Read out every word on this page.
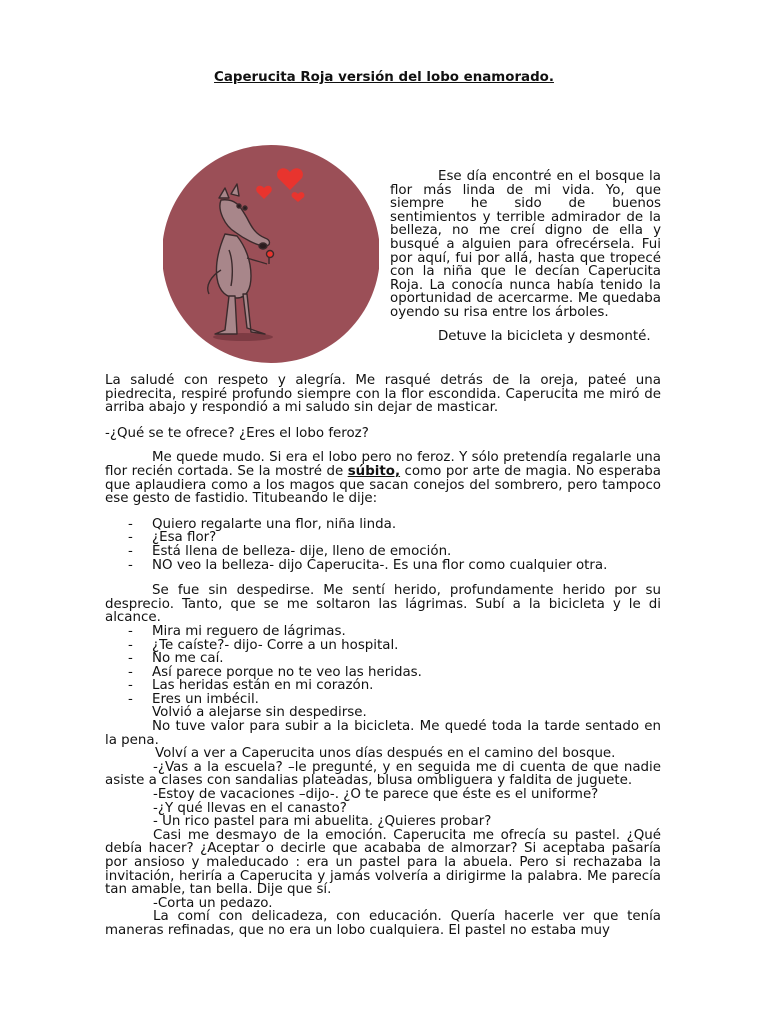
Caperucita Roja versión del lobo enamorado.

Ese día encontré en el bosque la flor más linda de mi vida. Yo, que siempre he sido de buenos sentimientos y terrible admirador de la belleza, no me creí digno de ella y busqué a alguien para ofrecérsela. Fui por aquí, fui por allá, hasta que tropecé con la niña que le decían Caperucita Roja. La conocía nunca había tenido la oportunidad de acercarme. Me quedaba oyendo su risa entre los árboles.

Detuve la bicicleta y desmonté.

La saludé con respeto y alegría. Me rasqué detrás de la oreja, pateé una piedrecita, respiré profundo siempre con la flor escondida. Caperucita me miró de arriba abajo y respondió a mi saludo sin dejar de masticar.

-¿Qué se te ofrece? ¿Eres el lobo feroz?

Me quede mudo. Si era el lobo pero no feroz. Y sólo pretendía regalarle una flor recién cortada. Se la mostré de súbito, como por arte de magia. No esperaba que aplaudiera como a los magos que sacan conejos del sombrero, pero tampoco ese gesto de fastidio. Titubeando le dije:

- Quiero regalarte una flor, niña linda.
- ¿Esa flor?
- Está llena de belleza- dije, lleno de emoción.
- NO veo la belleza- dijo Caperucita-. Es una flor como cualquier otra.

Se fue sin despedirse. Me sentí herido, profundamente herido por su desprecio. Tanto, que se me soltaron las lágrimas. Subí a la bicicleta y le di alcance.

- Mira mi reguero de lágrimas.
- ¿Te caíste?- dijo- Corre a un hospital.
- No me caí.
- Así parece porque no te veo las heridas.
- Las heridas están en mi corazón.
- Eres un imbécil.

Volvió a alejarse sin despedirse.

No tuve valor para subir a la bicicleta. Me quedé toda la tarde sentado en la pena.

Volví a ver a Caperucita unos días después en el camino del bosque.

-¿Vas a la escuela? –le pregunté, y en seguida me di cuenta de que nadie asiste a clases con sandalias plateadas, blusa ombliguera y faldita de juguete.

-Estoy de vacaciones –dijo-. ¿O te parece que éste es el uniforme?

-¿Y qué llevas en el canasto?

- Un rico pastel para mi abuelita. ¿Quieres probar?

Casi me desmayo de la emoción. Caperucita me ofrecía su pastel. ¿Qué debía hacer? ¿Aceptar o decirle que acababa de almorzar? Si aceptaba pasaría por ansioso y maleducado : era un pastel para la abuela. Pero si rechazaba la invitación, heriría a Caperucita y jamás volvería a dirigirme la palabra. Me parecía tan amable, tan bella. Dije que sí.

-Corta un pedazo.

La comí con delicadeza, con educación. Quería hacerle ver que tenía maneras refinadas, que no era un lobo cualquiera. El pastel no estaba muy
